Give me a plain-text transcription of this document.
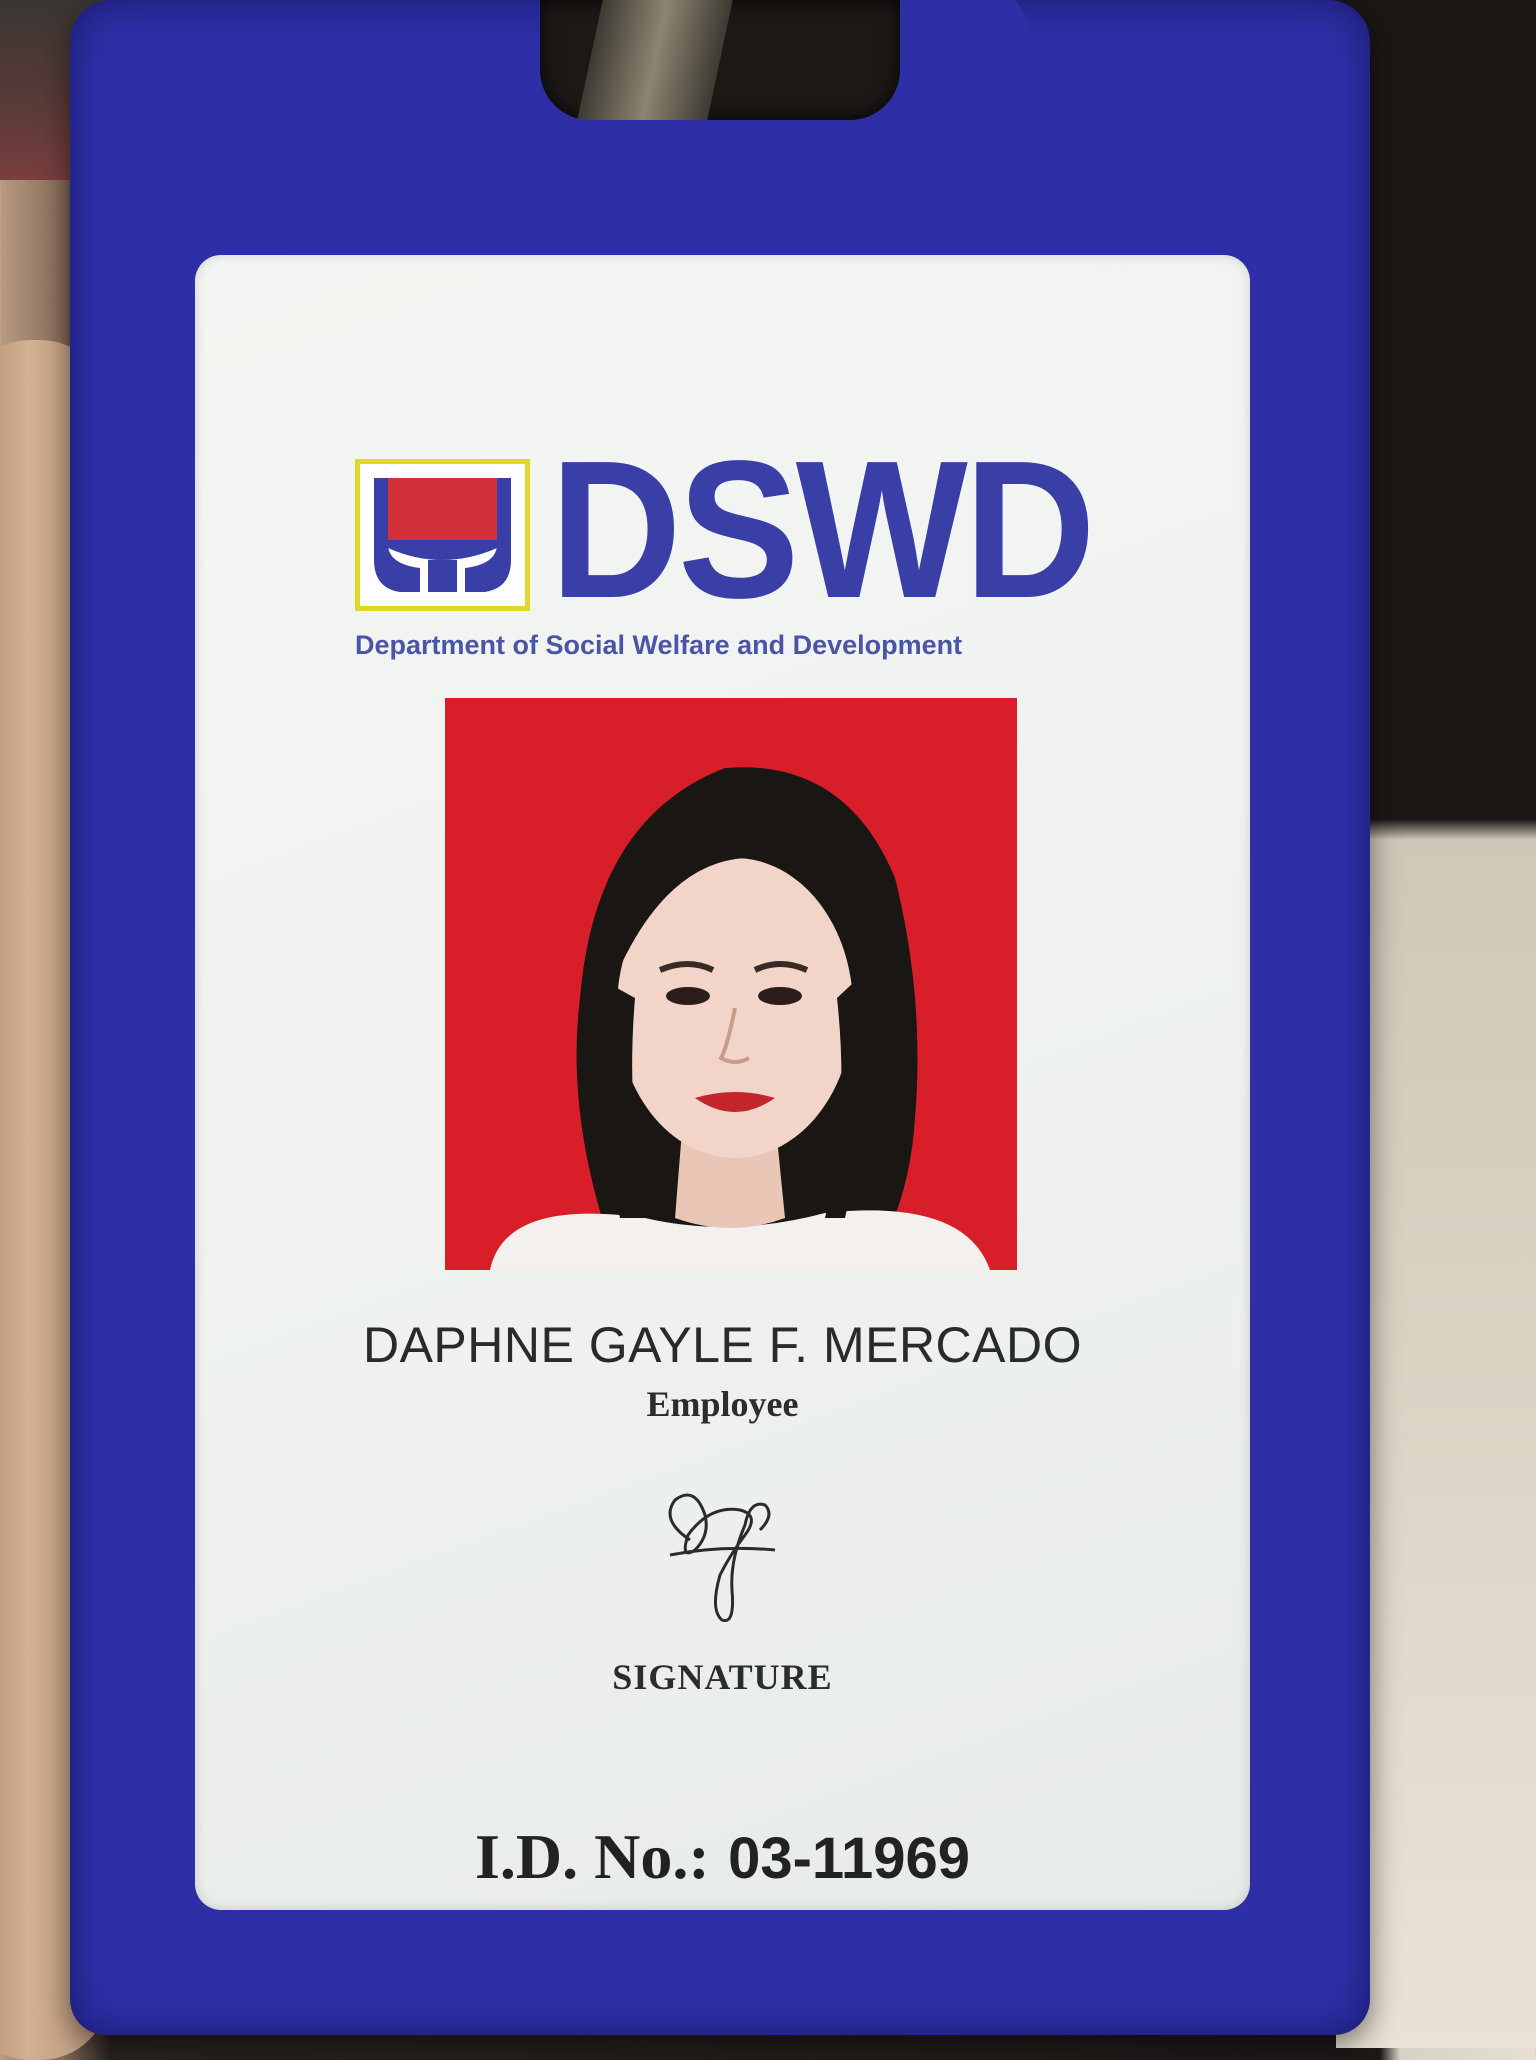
DSWD
Department of Social Welfare and Development
DAPHNE GAYLE F. MERCADO
Employee
SIGNATURE
I.D. No.: 03-11969
